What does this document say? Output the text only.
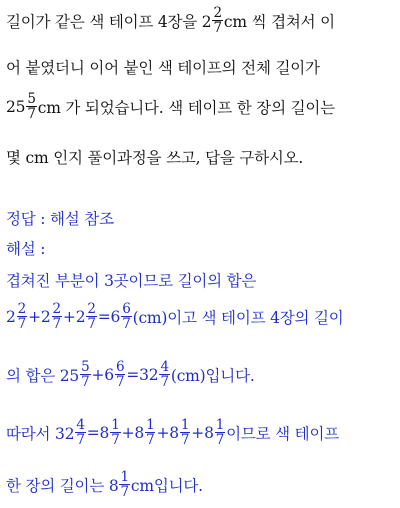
길이가 같은 색 테이프 4장을 $2 \frac{2}{7}$ cm 씩 겹쳐서 이
어 붙였더니 이어 붙인 색 테이프의 전체 길이가
$25 \frac{5}{7}$ cm 가 되었습니다. 색 테이프 한 장의 길이는
몇 cm 인지 풀이과정을 쓰고, 답을 구하시오.
정답 : 해설 참조
해설 :
겹쳐진 부분이 3곳이므로 길이의 합은
$2 \frac{2}{7} +2 \frac{2}{7} +2 \frac{2}{7} =6 \frac{6}{7} (cm)$이고 색 테이프 4장의 길이
의 합은 $25 \frac{5}{7} +6 \frac{6}{7} =32 \frac{4}{7} (cm)$입니다.
따라서 $32 \frac{4}{7} =8 \frac{1}{7} +8 \frac{1}{7} +8 \frac{1}{7} +8 \frac{1}{7}$ 이므로 색 테이프
한 장의 길이는 $8 \frac{1}{7}$ cm입니다.
